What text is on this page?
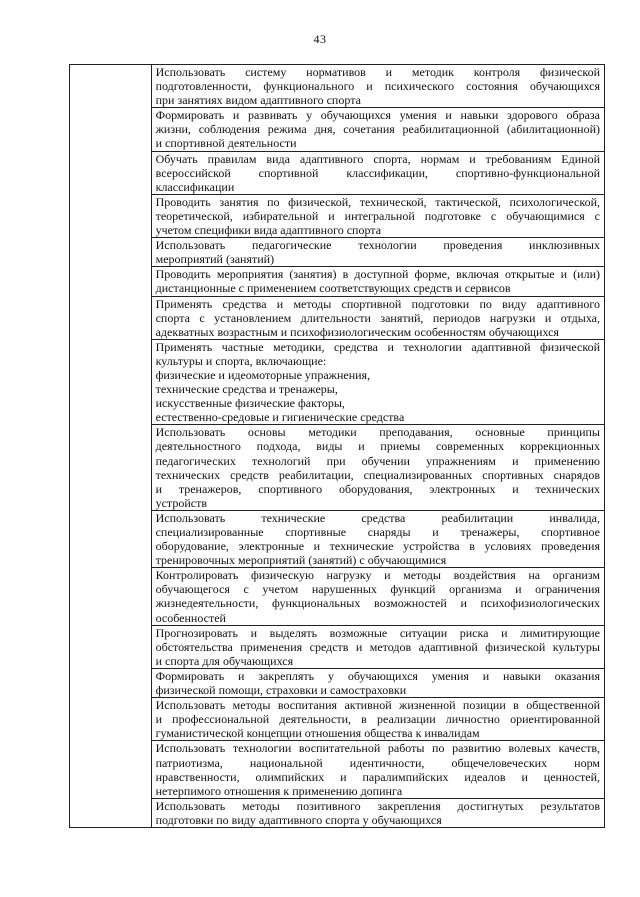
43

Использовать систему нормативов и методик контроля физической
подготовленности, функционального и психического состояния обучающихся
при занятиях видом адаптивного спорта

Формировать и развивать у обучающихся умения и навыки здорового образа
жизни, соблюдения режима дня, сочетания реабилитационной (абилитационной)
и спортивной деятельности

Обучать правилам вида адаптивного спорта, нормам и требованиям Единой
всероссийской спортивной классификации, спортивно-функциональной
классификации

Проводить занятия по физической, технической, тактической, психологической,
теоретической, избирательной и интегральной подготовке с обучающимися с
учетом специфики вида адаптивного спорта

Использовать педагогические технологии проведения инклюзивных
мероприятий (занятий)

Проводить мероприятия (занятия) в доступной форме, включая открытые и (или)
дистанционные с применением соответствующих средств и сервисов

Применять средства и методы спортивной подготовки по виду адаптивного
спорта с установлением длительности занятий, периодов нагрузки и отдыха,
адекватных возрастным и психофизиологическим особенностям обучающихся

Применять частные методики, средства и технологии адаптивной физической
культуры и спорта, включающие:
физические и идеомоторные упражнения,
технические средства и тренажеры,
искусственные физические факторы,
естественно-средовые и гигиенические средства

Использовать основы методики преподавания, основные принципы
деятельностного подхода, виды и приемы современных коррекционных
педагогических технологий при обучении упражнениям и применению
технических средств реабилитации, специализированных спортивных снарядов
и тренажеров, спортивного оборудования, электронных и технических
устройств

Использовать технические средства реабилитации инвалида,
специализированные спортивные снаряды и тренажеры, спортивное
оборудование, электронные и технические устройства в условиях проведения
тренировочных мероприятий (занятий) с обучающимися

Контролировать физическую нагрузку и методы воздействия на организм
обучающегося с учетом нарушенных функций организма и ограничения
жизнедеятельности, функциональных возможностей и психофизиологических
особенностей

Прогнозировать и выделять возможные ситуации риска и лимитирующие
обстоятельства применения средств и методов адаптивной физической культуры
и спорта для обучающихся

Формировать и закреплять у обучающихся умения и навыки оказания
физической помощи, страховки и самостраховки

Использовать методы воспитания активной жизненной позиции в общественной
и профессиональной деятельности, в реализации личностно ориентированной
гуманистической концепции отношения общества к инвалидам

Использовать технологии воспитательной работы по развитию волевых качеств,
патриотизма, национальной идентичности, общечеловеческих норм
нравственности, олимпийских и паралимпийских идеалов и ценностей,
нетерпимого отношения к применению допинга

Использовать методы позитивного закрепления достигнутых результатов
подготовки по виду адаптивного спорта у обучающихся
